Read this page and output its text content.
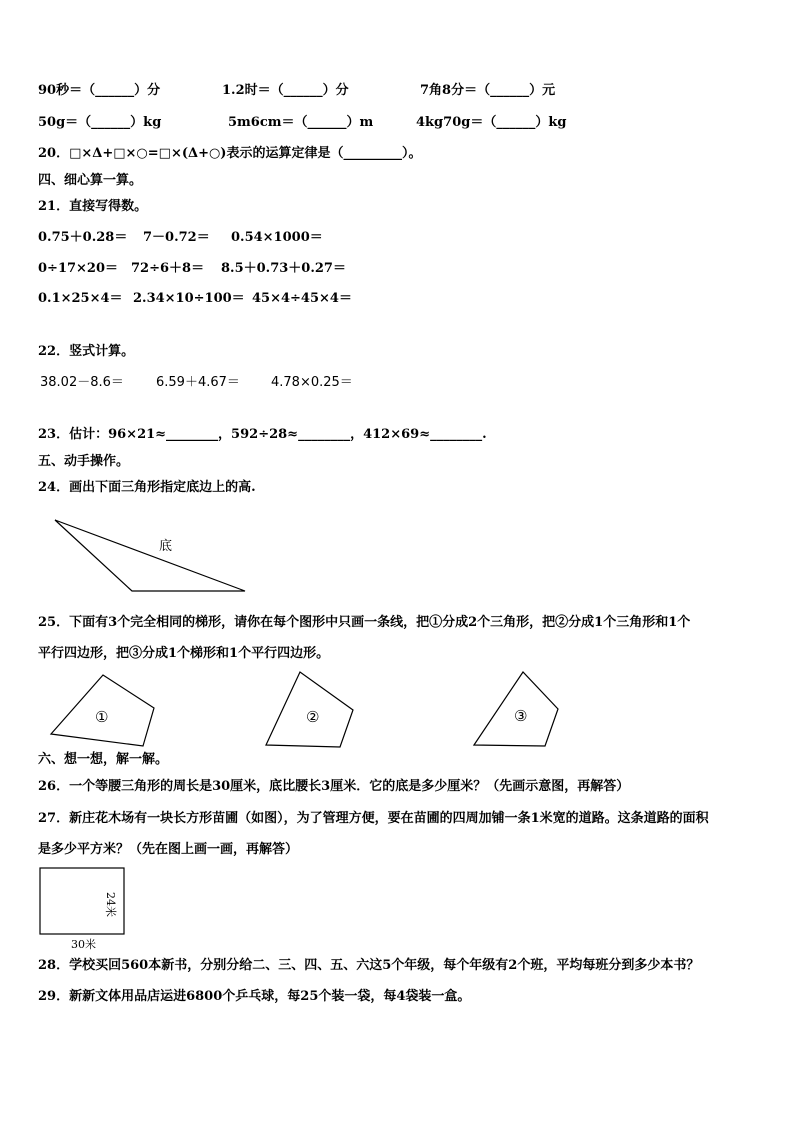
90秒＝（______）分	1.2时＝（______）分	7角8分＝（______）元
50g＝（______）kg	5m6cm＝（______）m	4kg70g＝（______）kg
20．□×Δ+□×○=□×(Δ+○)表示的运算定律是（_________）。
四、细心算一算。
21．直接写得数。
0.75＋0.28＝ 7－0.72＝ 0.54×1000＝
0÷17×20＝ 72÷6＋8＝ 8.5＋0.73＋0.27＝
0.1×25×4＝ 2.34×10÷100＝ 45×4÷45×4＝
22．竖式计算。
38.02－8.6＝ 6.59＋4.67＝ 4.78×0.25＝
23．估计：96×21≈________，592÷28≈________，412×69≈________.
五、动手操作。
24．画出下面三角形指定底边上的高.
底
25．下面有3个完全相同的梯形，请你在每个图形中只画一条线，把①分成2个三角形，把②分成1个三角形和1个
平行四边形，把③分成1个梯形和1个平行四边形。
①	②	③
六、想一想，解一解。
26．一个等腰三角形的周长是30厘米，底比腰长3厘米．它的底是多少厘米？（先画示意图，再解答）
27．新庄花木场有一块长方形苗圃（如图），为了管理方便，要在苗圃的四周加铺一条1米宽的道路。这条道路的面积
是多少平方米？（先在图上画一画，再解答）
24米
30米
28．学校买回560本新书，分别分给二、三、四、五、六这5个年级，每个年级有2个班，平均每班分到多少本书？
29．新新文体用品店运进6800个乒乓球，每25个装一袋，每4袋装一盒。
